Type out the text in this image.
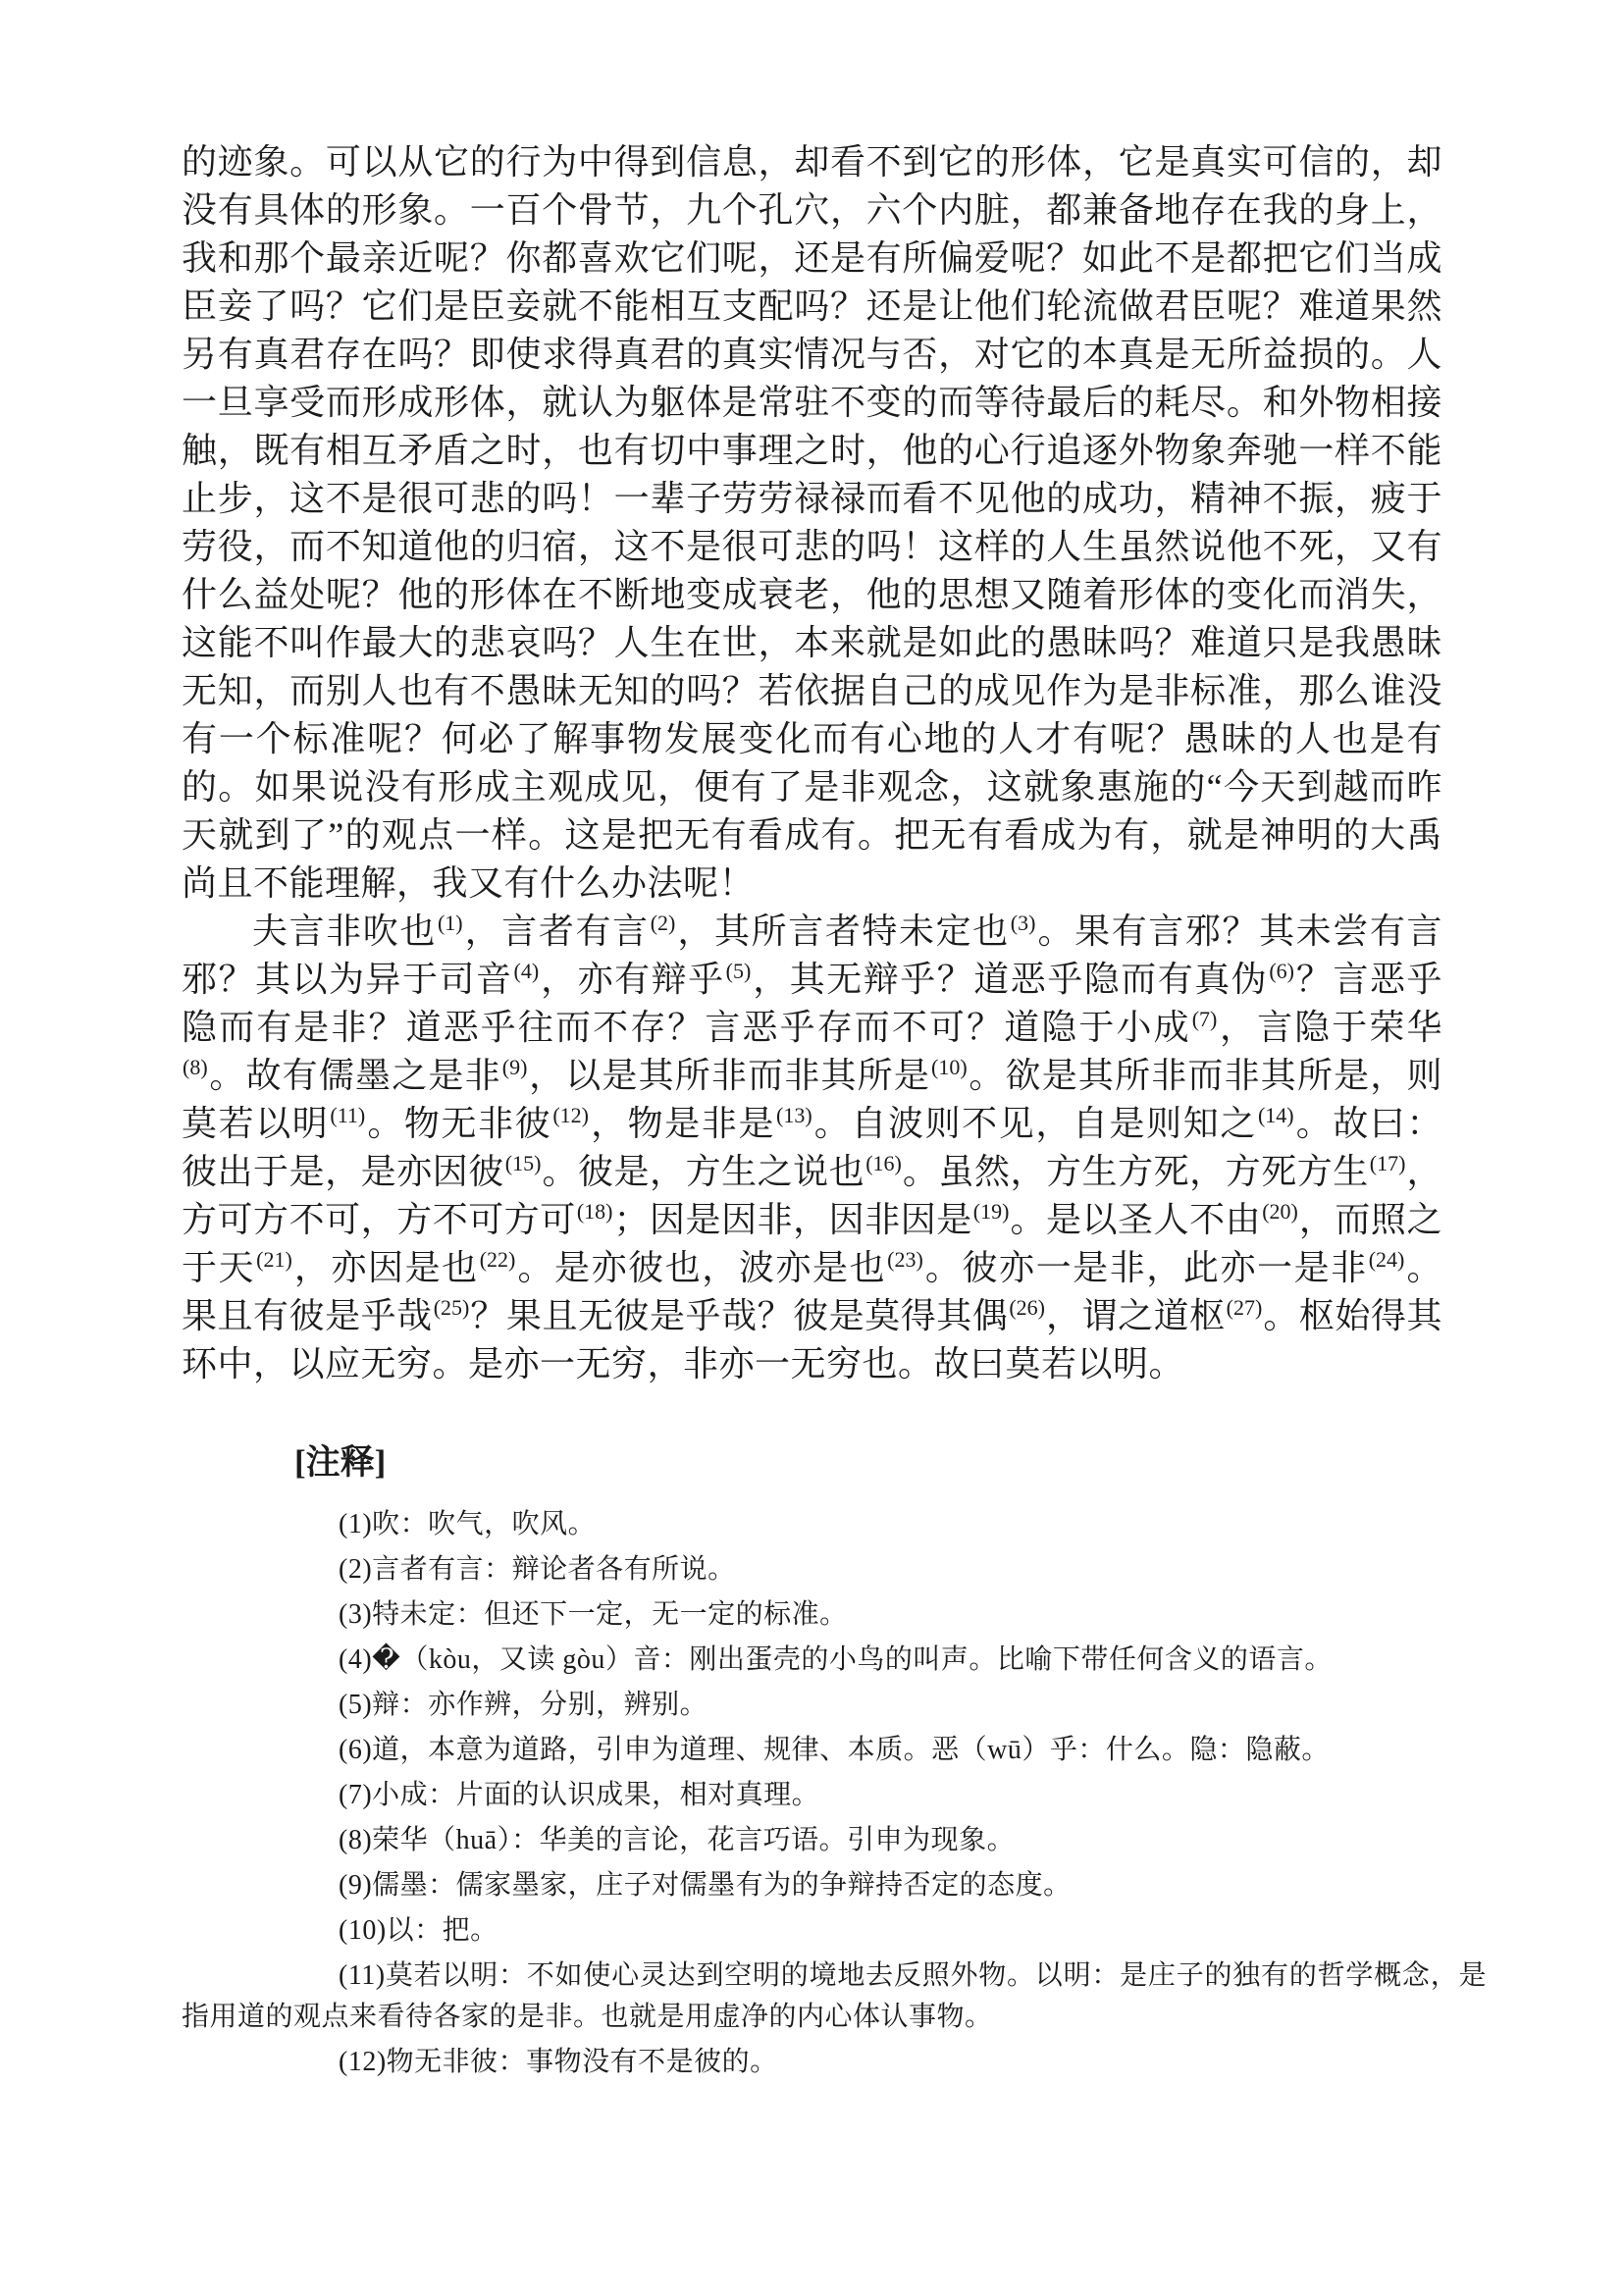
的迹象。可以从它的行为中得到信息，却看不到它的形体，它是真实可信的，却没有具体的形象。一百个骨节，九个孔穴，六个内脏，都兼备地存在我的身上，我和那个最亲近呢？你都喜欢它们呢，还是有所偏爱呢？如此不是都把它们当成臣妾了吗？它们是臣妾就不能相互支配吗？还是让他们轮流做君臣呢？难道果然另有真君存在吗？即使求得真君的真实情况与否，对它的本真是无所益损的。人一旦享受而形成形体，就认为躯体是常驻不变的而等待最后的耗尽。和外物相接触，既有相互矛盾之时，也有切中事理之时，他的心行追逐外物象奔驰一样不能止步，这不是很可悲的吗！一辈子劳劳禄禄而看不见他的成功，精神不振，疲于劳役，而不知道他的归宿，这不是很可悲的吗！这样的人生虽然说他不死，又有什么益处呢？他的形体在不断地变成衰老，他的思想又随着形体的变化而消失，这能不叫作最大的悲哀吗？人生在世，本来就是如此的愚昧吗？难道只是我愚昧无知，而别人也有不愚昧无知的吗？若依据自己的成见作为是非标准，那么谁没有一个标准呢？何必了解事物发展变化而有心地的人才有呢？愚昧的人也是有的。如果说没有形成主观成见，便有了是非观念，这就象惠施的“今天到越而昨天就到了”的观点一样。这是把无有看成有。把无有看成为有，就是神明的大禹尚且不能理解，我又有什么办法呢！

夫言非吹也$^{(1)}$，言者有言$^{(2)}$，其所言者特未定也$^{(3)}$。果有言邪？其未尝有言邪？其以为异于司音$^{(4)}$，亦有辩乎$^{(5)}$，其无辩乎？道恶乎隐而有真伪$^{(6)}$？言恶乎隐而有是非？道恶乎往而不存？言恶乎存而不可？道隐于小成$^{(7)}$，言隐于荣华$^{(8)}$。故有儒墨之是非$^{(9)}$，以是其所非而非其所是$^{(10)}$。欲是其所非而非其所是，则莫若以明$^{(11)}$。物无非彼$^{(12)}$，物是非是$^{(13)}$。自波则不见，自是则知之$^{(14)}$。故曰：彼出于是，是亦因彼$^{(15)}$。彼是，方生之说也$^{(16)}$。虽然，方生方死，方死方生$^{(17)}$，方可方不可，方不可方可$^{(18)}$；因是因非，因非因是$^{(19)}$。是以圣人不由$^{(20)}$，而照之于天$^{(21)}$，亦因是也$^{(22)}$。是亦彼也，波亦是也$^{(23)}$。彼亦一是非，此亦一是非$^{(24)}$。果且有彼是乎哉$^{(25)}$？果且无彼是乎哉？彼是莫得其偶$^{(26)}$，谓之道枢$^{(27)}$。枢始得其环中，以应无穷。是亦一无穷，非亦一无穷也。故曰莫若以明。

[注释]

(1)吹：吹气，吹风。

(2)言者有言：辩论者各有所说。

(3)特未定：但还下一定，无一定的标准。

(4)�（kòu，又读 gòu）音：刚出蛋壳的小鸟的叫声。比喻下带任何含义的语言。

(5)辩：亦作辨，分别，辨别。

(6)道，本意为道路，引申为道理、规律、本质。恶（wū）乎：什么。隐：隐蔽。

(7)小成：片面的认识成果，相对真理。

(8)荣华（huā）：华美的言论，花言巧语。引申为现象。

(9)儒墨：儒家墨家，庄子对儒墨有为的争辩持否定的态度。

(10)以：把。

(11)莫若以明：不如使心灵达到空明的境地去反照外物。以明：是庄子的独有的哲学概念，是指用道的观点来看待各家的是非。也就是用虚净的内心体认事物。

(12)物无非彼：事物没有不是彼的。
